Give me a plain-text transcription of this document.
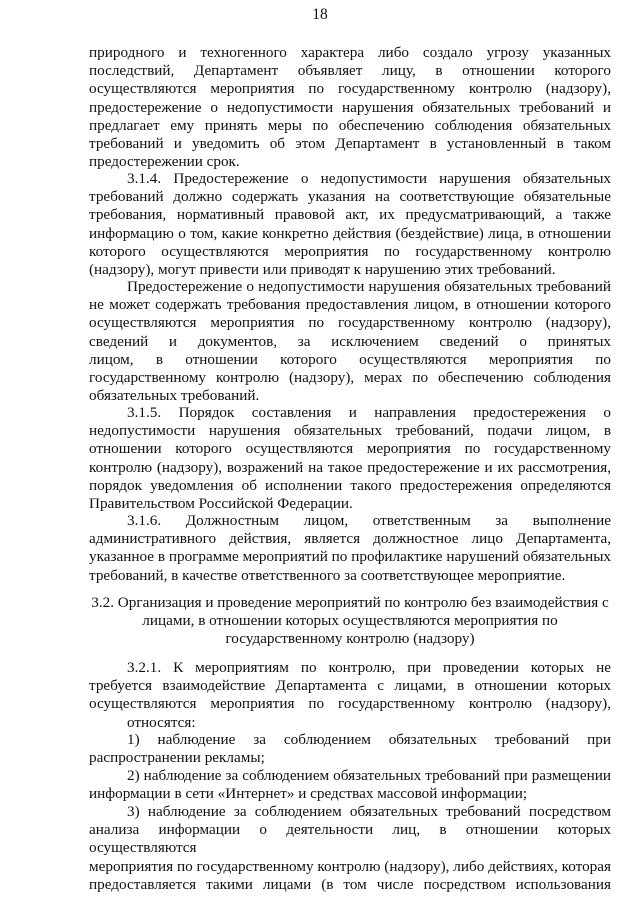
18
природного и техногенного характера либо создало угрозу указанных
последствий, Департамент объявляет лицу, в отношении которого
осуществляются мероприятия по государственному контролю (надзору),
предостережение о недопустимости нарушения обязательных требований и
предлагает ему принять меры по обеспечению соблюдения обязательных
требований и уведомить об этом Департамент в установленный в таком
предостережении срок.
3.1.4. Предостережение о недопустимости нарушения обязательных
требований должно содержать указания на соответствующие обязательные
требования, нормативный правовой акт, их предусматривающий, а также
информацию о том, какие конкретно действия (бездействие) лица, в отношении
которого осуществляются мероприятия по государственному контролю
(надзору), могут привести или приводят к нарушению этих требований.
Предостережение о недопустимости нарушения обязательных требований
не может содержать требования предоставления лицом, в отношении которого
осуществляются мероприятия по государственному контролю (надзору),
сведений и документов, за исключением сведений о принятых
лицом, в отношении которого осуществляются мероприятия по
государственному контролю (надзору), мерах по обеспечению соблюдения
обязательных требований.
3.1.5. Порядок составления и направления предостережения о
недопустимости нарушения обязательных требований, подачи лицом, в
отношении которого осуществляются мероприятия по государственному
контролю (надзору), возражений на такое предостережение и их рассмотрения,
порядок уведомления об исполнении такого предостережения определяются
Правительством Российской Федерации.
3.1.6. Должностным лицом, ответственным за выполнение
административного действия, является должностное лицо Департамента,
указанное в программе мероприятий по профилактике нарушений обязательных
требований, в качестве ответственного за соответствующее мероприятие.
3.2. Организация и проведение мероприятий по контролю без взаимодействия с
лицами, в отношении которых осуществляются мероприятия по
государственному контролю (надзору)
3.2.1. К мероприятиям по контролю, при проведении которых не
требуется взаимодействие Департамента с лицами, в отношении которых
осуществляются мероприятия по государственному контролю (надзору),
относятся:
1) наблюдение за соблюдением обязательных требований при
распространении рекламы;
2) наблюдение за соблюдением обязательных требований при размещении
информации в сети «Интернет» и средствах массовой информации;
3) наблюдение за соблюдением обязательных требований посредством
анализа информации о деятельности лиц, в отношении которых осуществляются
мероприятия по государственному контролю (надзору), либо действиях, которая
предоставляется такими лицами (в том числе посредством использования
